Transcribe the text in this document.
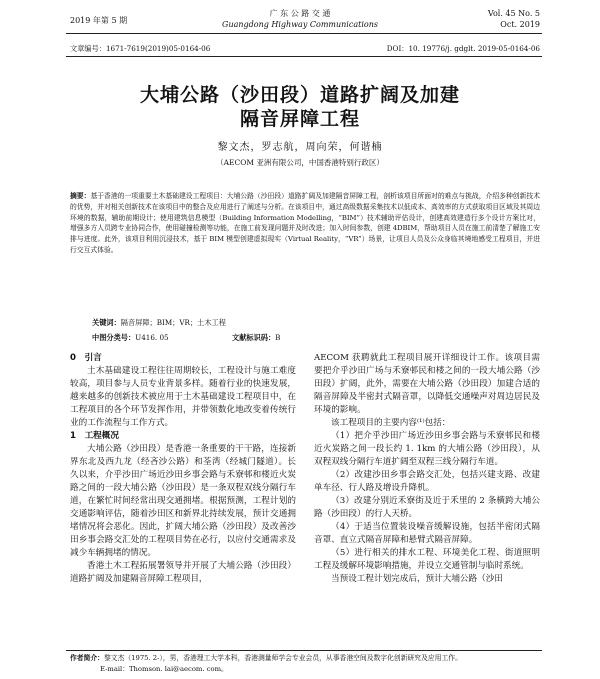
2019 年第 5 期
广 东 公 路 交 通
Guangdong Highway Communications
Vol. 45 No. 5
Oct. 2019
文章编号：1671-7619(2019)05-0164-06	DOI：10. 19776/j. gdglt. 2019-05-0164-06
大埔公路（沙田段）道路扩阔及加建
隔音屏障工程
黎文杰，罗志航，周向荣，何谐楠
（AECOM 亚洲有限公司，中国香港特别行政区）
摘要：基于香港的一项重要土木基础建设工程项目：大埔公路（沙田段）道路扩阔及加建隔音屏障工程，剖析该项目所面对的难点与挑战，介绍多种创新技术的优势，并对相关创新技术在该项目中的整合及应用进行了阐述与分析。在该项目中，通过高级数据采集技术以低成本、高效率的方式获取项目区域及其周边环境的数据，辅助前期设计；使用建筑信息模型（Building Information Modelling，“BIM”）技术辅助评估设计，创建高效建造行多个设计方案比对，增强多方人员跨专业协同合作，使用碰撞检测等功能，在施工前发现问题并及时改进；加入时间参数，创建 4DBIM，帮助项目人员在施工前清楚了解施工安排与进度。此外，该项目利用沉浸技术，基于 BIM 模型创建虚拟现实（Virtual Reality，“VR”）场景，让项目人员及公众身临其境地感受工程项目，并进行交互式体验。
关键词：隔音屏障；BIM；VR；土木工程
中图分类号：U416. 05	文献标识码：B

0　引言

土木基础建设工程往往周期较长，工程设计与施工难度较高，项目参与人员专业背景多样。随着行业的快速发展，越来越多的创新技术被应用于土木基础建设工程项目中，在工程项目的各个环节发挥作用，并带领数化地改变着传统行业的工作流程与工作方式。

1　工程概况

大埔公路（沙田段）是香港一条重要的干干路，连接新界东北及西九龙（经吝沙公路）和荃湾（经城门隧道）。长久以来，介乎沙田广场近沙田乡事会路与禾寮邨和楼近火炭路之间的一段大埔公路（沙田段）是一条双程双线分隔行车道，在繁忙时间经常出现交通拥堵。根据预测，工程计划的交通影响评估，随着沙田区和新界北持续发展，预计交通拥堵情况将会恶化。因此，扩阔大埔公路（沙田段）及改善沙田乡事会路交汇处的工程项目势在必行，以应付交通需求及减少车辆拥堵的情况。

香港土木工程拓展署领导并开展了大埔公路（沙田段）道路扩阔及加建隔音屏障工程项目，

AECOM 获聘就此工程项目展开详细设计工作。该项目需要把介乎沙田广场与禾寮邨民和楼之间的一段大埔公路（沙田段）扩阔，此外，需要在大埔公路（沙田段）加建合适的隔音屏障及半密封式隔音罩，以降低交通噪声对周边居民及环境的影响。

该工程项目的主要内容⁽¹⁾包括：

（1）把介乎沙田广场近沙田乡事会路与禾寮邨民和楼近火炭路之间一段长约 1. 1km 的大埔公路（沙田段），从双程双线分隔行车道扩阔至双程三线分隔行车道。

（2）改建沙田乡事会路交汇处，包括兴建支路、改建单车径、行人路及增设升降机。

（3）改建分别近禾寮街及近于禾里的 2 条横跨大埔公路（沙田段）的行人天桥。

（4）于适当位置装设噪音缓解设施，包括半密闭式隔音罩、直立式隔音屏障和悬臂式隔音屏障。

（5）进行相关的排水工程、环境美化工程、街道照明工程及缓解环境影响措施，并设立交通管制与临时系统。

当预设工程计划完成后，预计大埔公路（沙田

作者简介：黎文杰（1975. 2-），男，香港理工大学本科，香港测量师学会专业会员，从事香港空间及数字化创新研究及应用工作。
E-mail：Thomson. lai@aecom. com。
